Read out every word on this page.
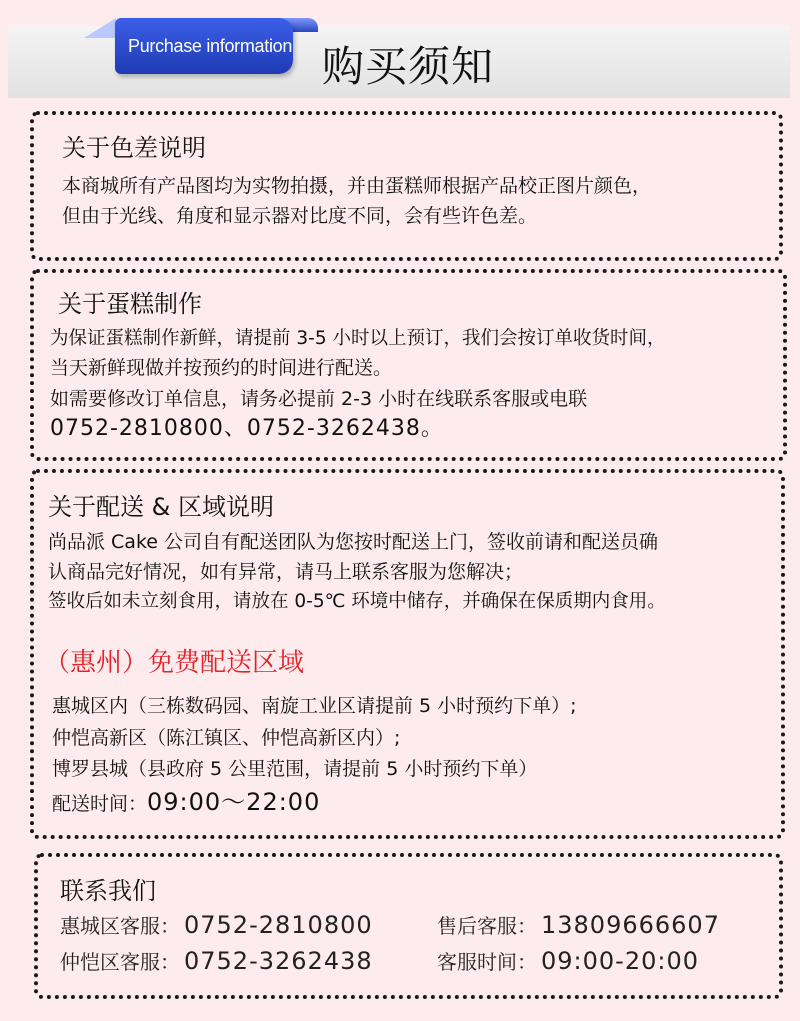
Purchase information 购买须知
关于色差说明
本商城所有产品图均为实物拍摄，并由蛋糕师根据产品校正图片颜色，
但由于光线、角度和显示器对比度不同，会有些许色差。
关于蛋糕制作
为保证蛋糕制作新鲜，请提前 3-5 小时以上预订，我们会按订单收货时间，
当天新鲜现做并按预约的时间进行配送。
如需要修改订单信息，请务必提前 2-3 小时在线联系客服或电联
0752-2810800、0752-3262438。
关于配送 & 区域说明
尚品派 Cake 公司自有配送团队为您按时配送上门，签收前请和配送员确
认商品完好情况，如有异常，请马上联系客服为您解决；
签收后如未立刻食用，请放在 0-5℃ 环境中储存，并确保在保质期内食用。
（惠州）免费配送区域
惠城区内（三栋数码园、南旋工业区请提前 5 小时预约下单）;
仲恺高新区（陈江镇区、仲恺高新区内）;
博罗县城（县政府 5 公里范围，请提前 5 小时预约下单）
配送时间：09:00～22:00
联系我们
惠城区客服： 0752-2810800
仲恺区客服： 0752-3262438
售后客服： 13809666607
客服时间： 09:00-20:00
